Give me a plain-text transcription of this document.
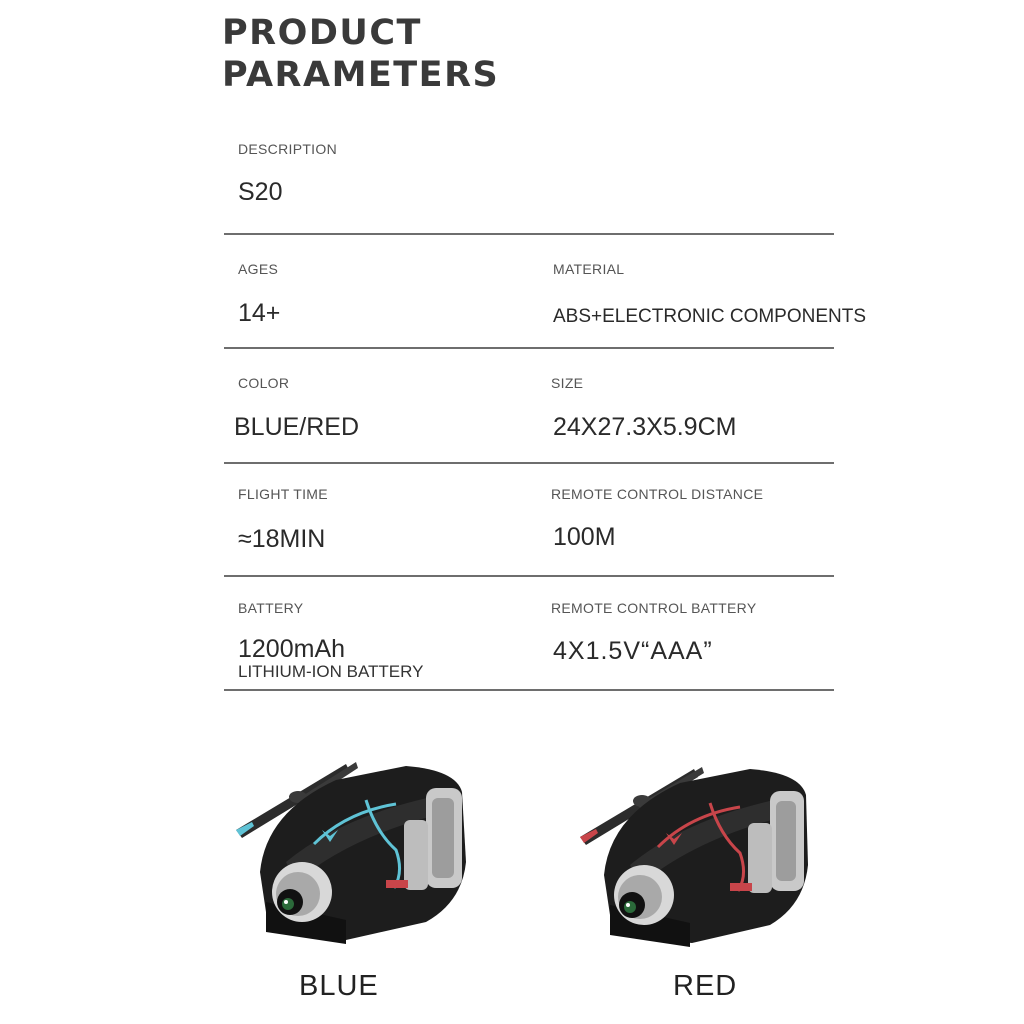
PRODUCT
PARAMETERS
DESCRIPTION
S20
AGES
14+
MATERIAL
ABS+ELECTRONIC COMPONENTS
COLOR
BLUE/RED
SIZE
24X27.3X5.9CM
FLIGHT TIME
≈18MIN
REMOTE CONTROL DISTANCE
100M
BATTERY
1200mAh
LITHIUM-ION BATTERY
REMOTE CONTROL BATTERY
4X1.5V“AAA”
BLUE	RED
